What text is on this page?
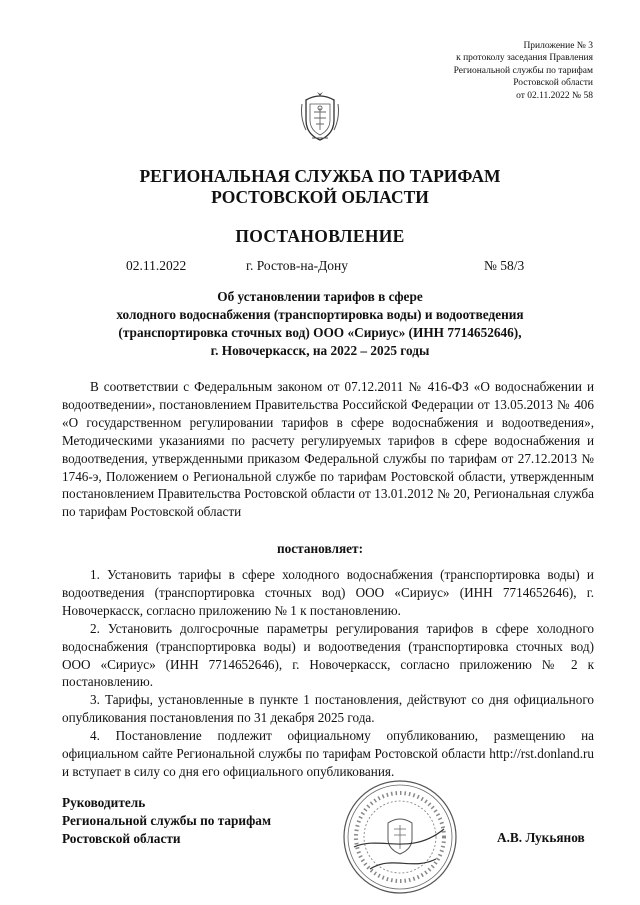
Приложение № 3
к протоколу заседания Правления
Региональной службы по тарифам
Ростовской области
от 02.11.2022 № 58
РЕГИОНАЛЬНАЯ СЛУЖБА ПО ТАРИФАМ
РОСТОВСКОЙ ОБЛАСТИ
ПОСТАНОВЛЕНИЕ
02.11.2022	г. Ростов-на-Дону	№ 58/3
Об установлении тарифов в сфере
холодного водоснабжения (транспортировка воды) и водоотведения
(транспортировка сточных вод) ООО «Сириус» (ИНН 7714652646),
г. Новочеркасск, на 2022 – 2025 годы

В соответствии с Федеральным законом от 07.12.2011 № 416-ФЗ «О водоснабжении и водоотведении», постановлением Правительства Российской Федерации от 13.05.2013 № 406 «О государственном регулировании тарифов в сфере водоснабжения и водоотведения», Методическими указаниями по расчету регулируемых тарифов в сфере водоснабжения и водоотведения, утвержденными приказом Федеральной службы по тарифам от 27.12.2013 № 1746-э, Положением о Региональной службе по тарифам Ростовской области, утвержденным постановлением Правительства Ростовской области от 13.01.2012 № 20, Региональная служба по тарифам Ростовской области

постановляет:

1. Установить тарифы в сфере холодного водоснабжения (транспортировка воды) и водоотведения (транспортировка сточных вод) ООО «Сириус» (ИНН 7714652646), г. Новочеркасск, согласно приложению № 1 к постановлению.

2. Установить долгосрочные параметры регулирования тарифов в сфере холодного водоснабжения (транспортировка воды) и водоотведения (транспортировка сточных вод) ООО «Сириус» (ИНН 7714652646), г. Новочеркасск, согласно приложению № 2 к постановлению.

3. Тарифы, установленные в пункте 1 постановления, действуют со дня официального опубликования постановления по 31 декабря 2025 года.

4. Постановление подлежит официальному опубликованию, размещению на официальном сайте Региональной службы по тарифам Ростовской области http://rst.donland.ru и вступает в силу со дня его официального опубликования.

Руководитель
Региональной службы по тарифам
Ростовской области	А.В. Лукьянов
